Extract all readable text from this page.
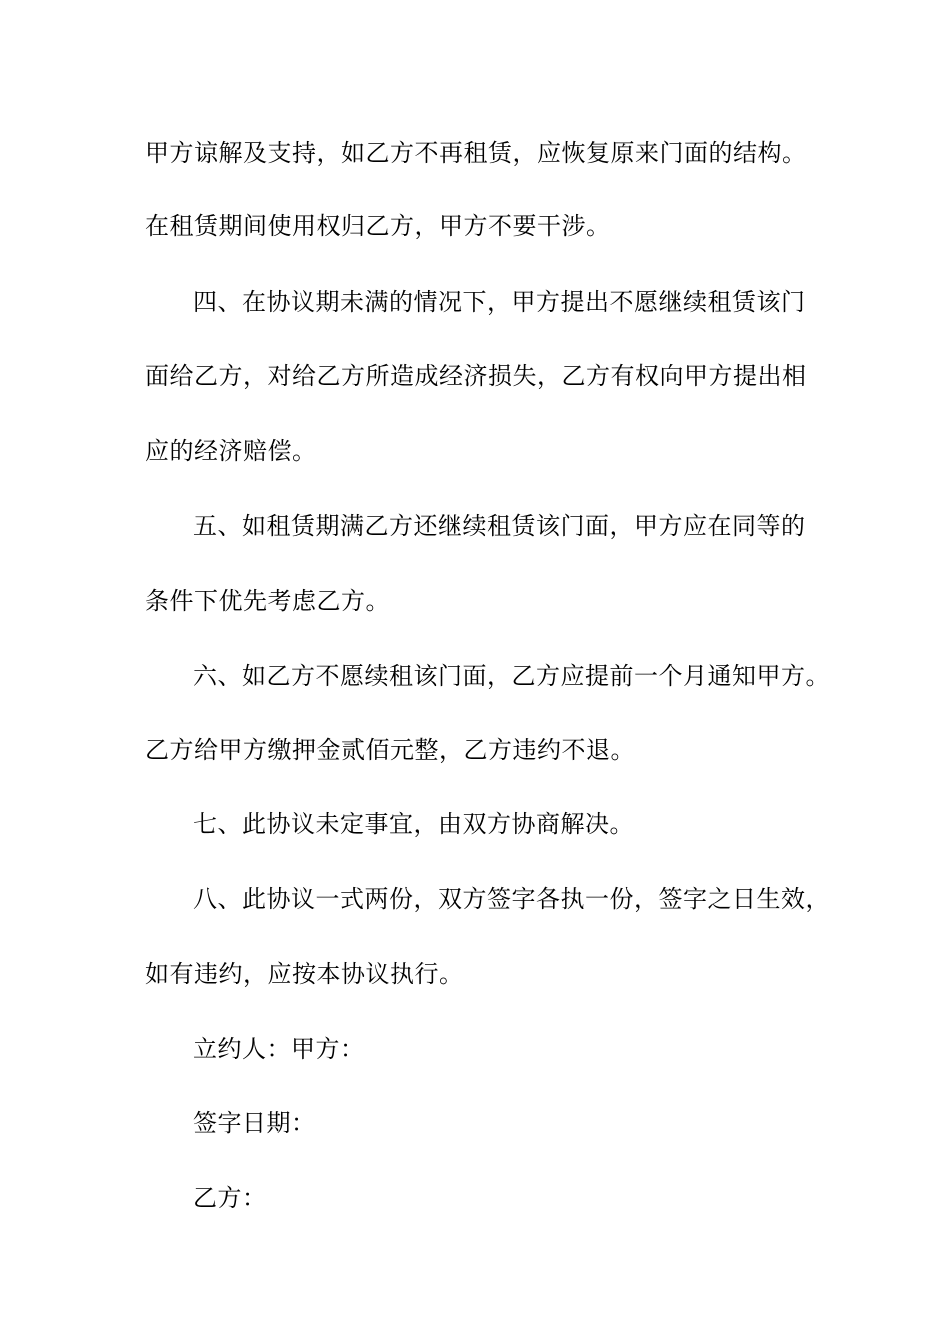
甲方谅解及支持，如乙方不再租赁，应恢复原来门面的结构。
在租赁期间使用权归乙方，甲方不要干涉。
四、在协议期未满的情况下，甲方提出不愿继续租赁该门
面给乙方，对给乙方所造成经济损失，乙方有权向甲方提出相
应的经济赔偿。
五、如租赁期满乙方还继续租赁该门面，甲方应在同等的
条件下优先考虑乙方。
六、如乙方不愿续租该门面，乙方应提前一个月通知甲方。
乙方给甲方缴押金贰佰元整，乙方违约不退。
七、此协议未定事宜，由双方协商解决。
八、此协议一式两份，双方签字各执一份，签字之日生效，
如有违约，应按本协议执行。
立约人：甲方：
签字日期：
乙方：
